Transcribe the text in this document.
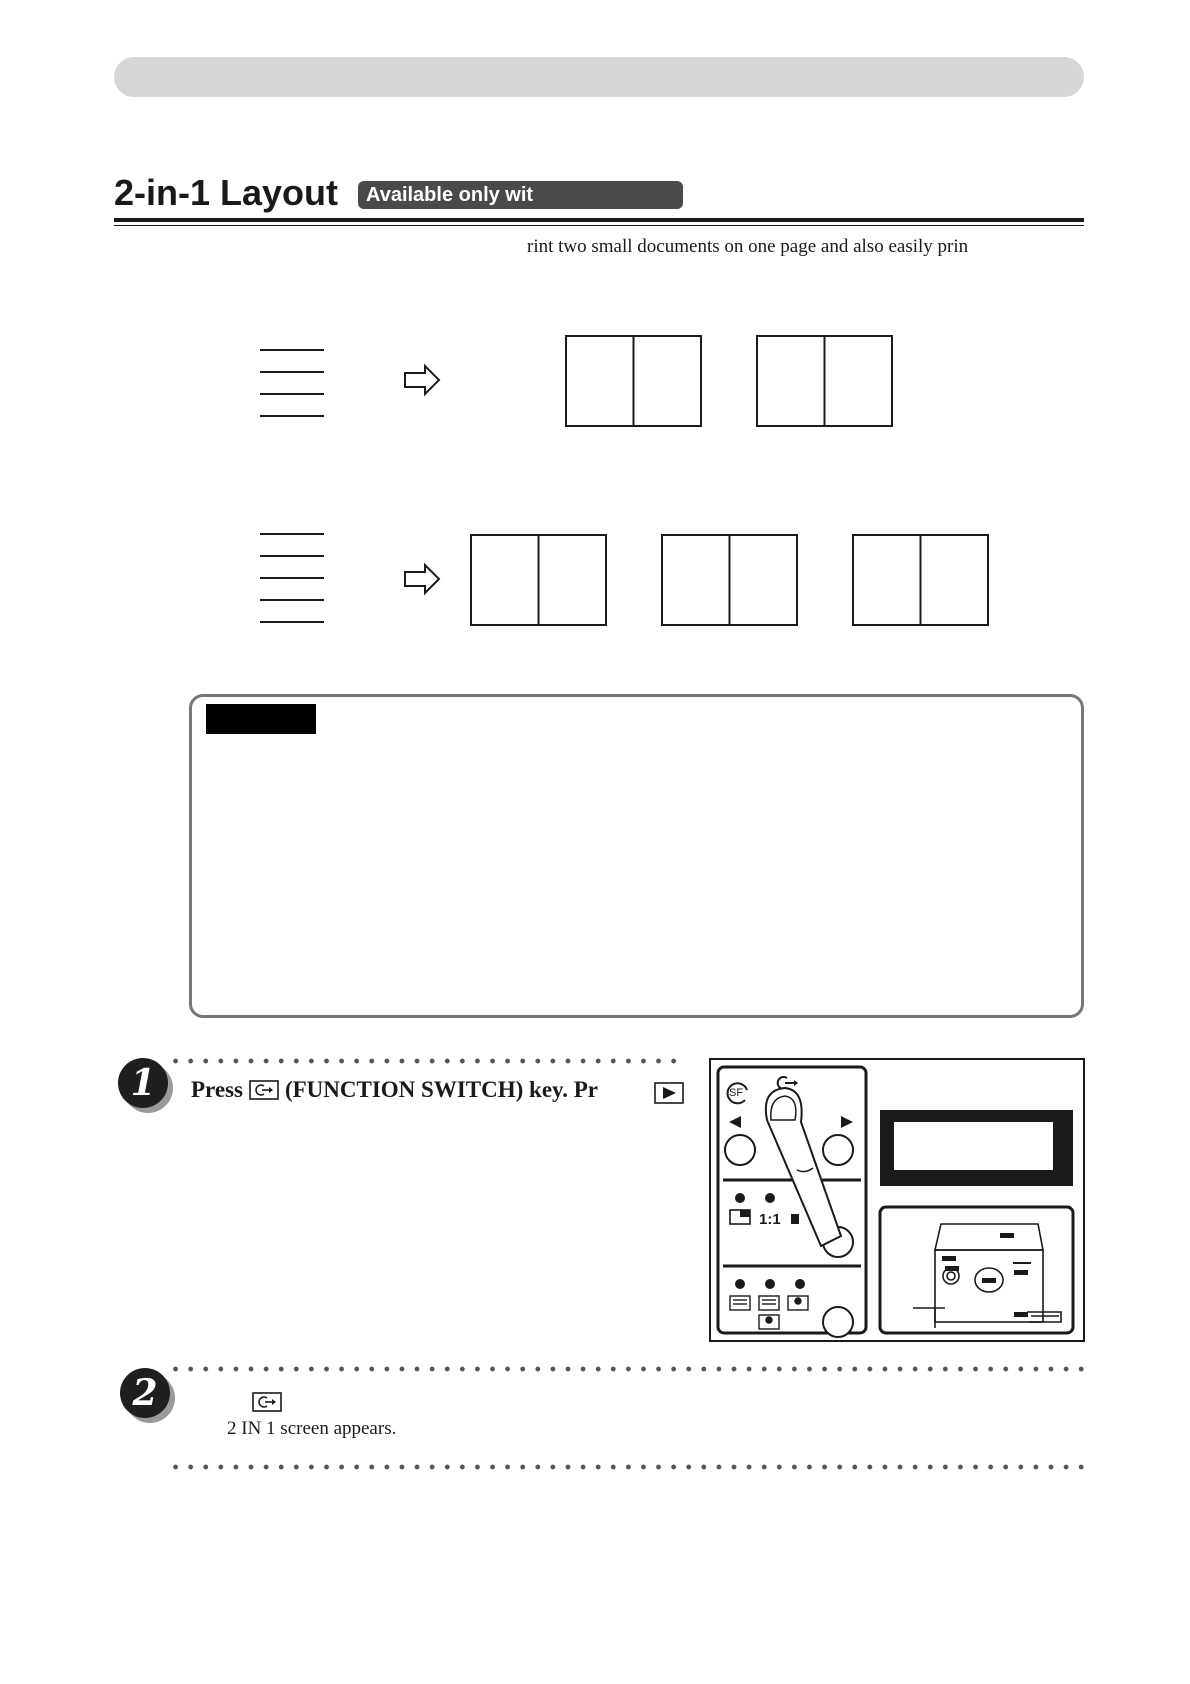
2-in-1 Layout	Available only wit
rint two small documents on one page and also easily prin
1	Press (FUNCTION SWITCH) key. Pr	SF
1:1
2
2 IN 1 screen appears.
